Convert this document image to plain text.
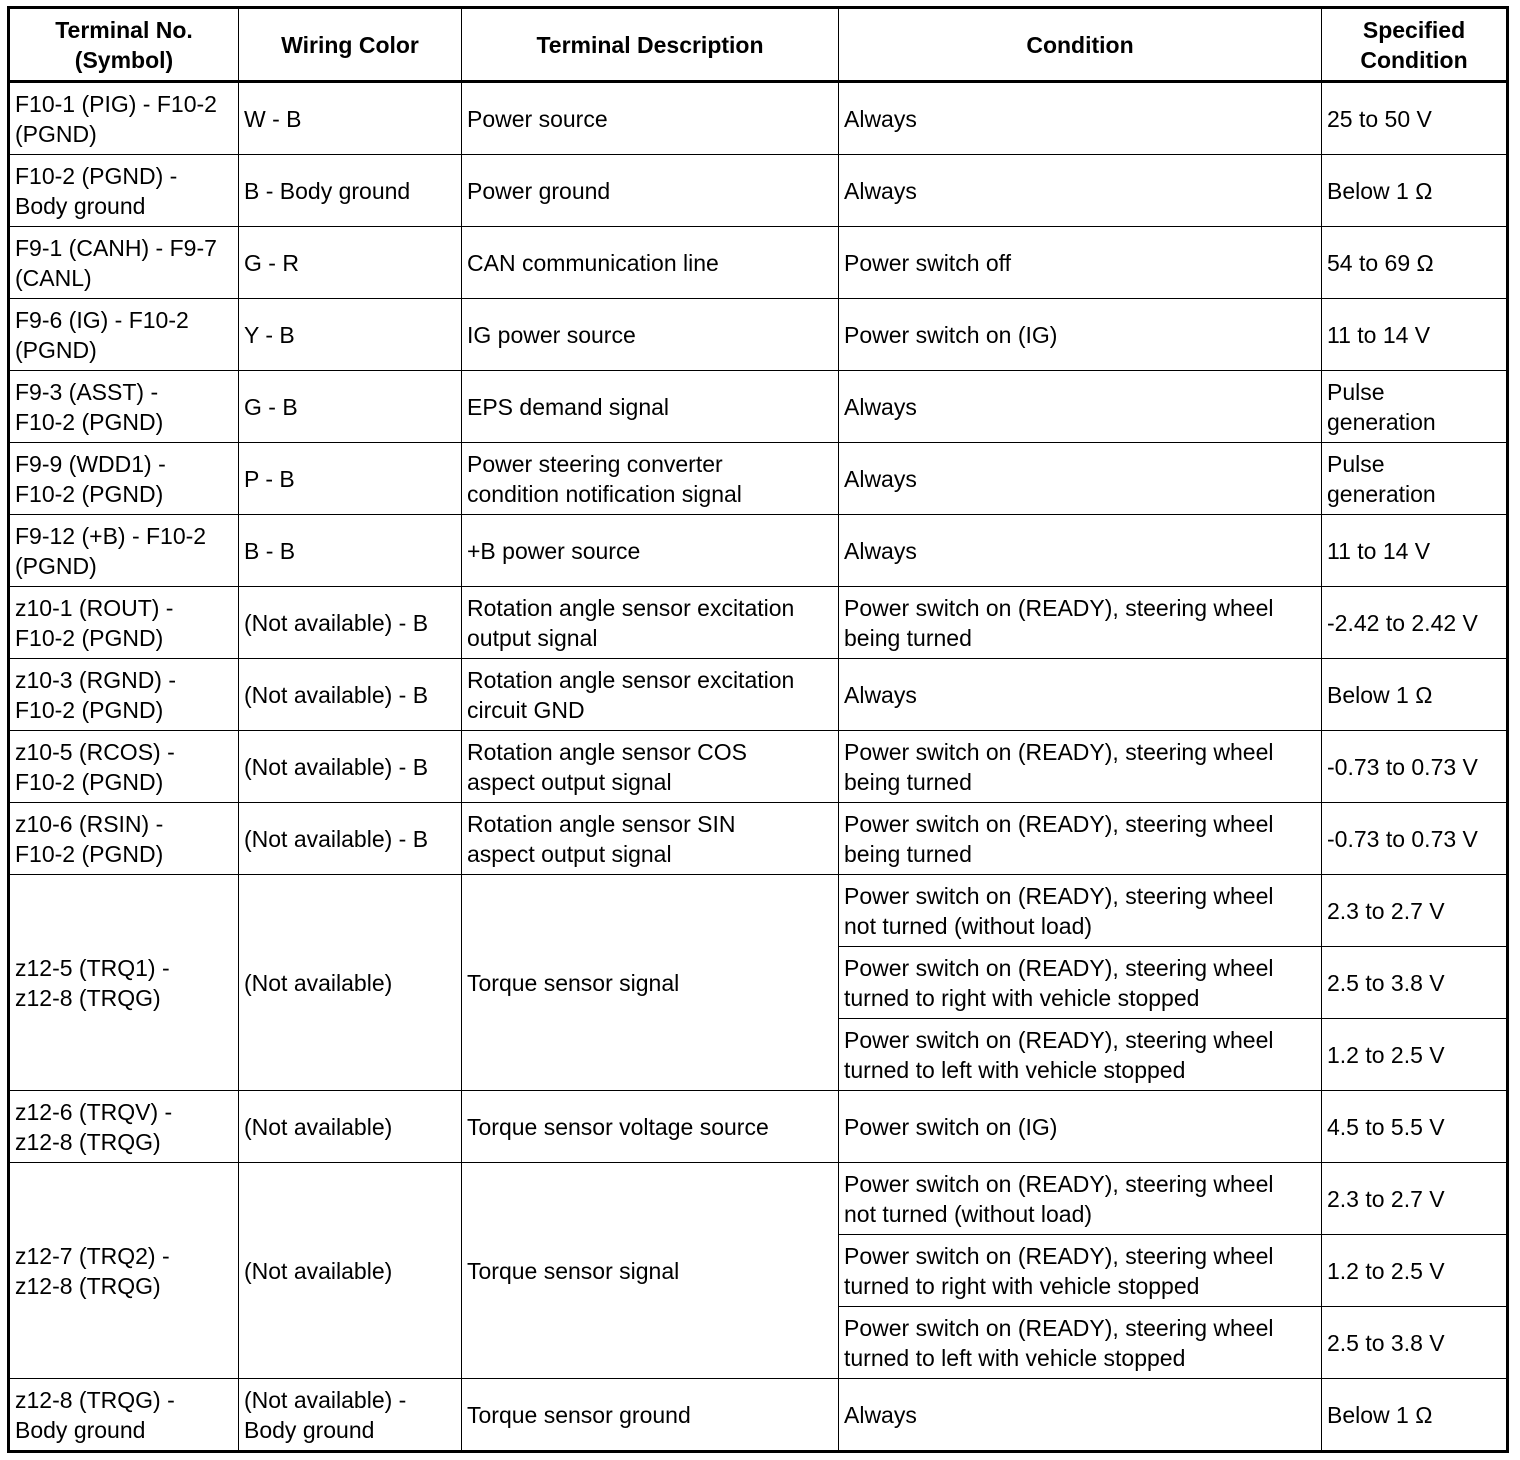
Terminal No.
(Symbol)	Wiring Color	Terminal Description	Condition	Specified
Condition

F10-1 (PIG) - F10-2
(PGND)	W - B	Power source	Always	25 to 50 V
F10-2 (PGND) -
Body ground	B - Body ground	Power ground	Always	Below 1 Ω
F9-1 (CANH) - F9-7
(CANL)	G - R	CAN communication line	Power switch off	54 to 69 Ω
F9-6 (IG) - F10-2
(PGND)	Y - B	IG power source	Power switch on (IG)	11 to 14 V
F9-3 (ASST) -
F10-2 (PGND)	G - B	EPS demand signal	Always	Pulse
generation
F9-9 (WDD1) -
F10-2 (PGND)	P - B	Power steering converter
condition notification signal	Always	Pulse
generation
F9-12 (+B) - F10-2
(PGND)	B - B	+B power source	Always	11 to 14 V
z10-1 (ROUT) -
F10-2 (PGND)	(Not available) - B	Rotation angle sensor excitation
output signal	Power switch on (READY), steering wheel
being turned	-2.42 to 2.42 V
z10-3 (RGND) -
F10-2 (PGND)	(Not available) - B	Rotation angle sensor excitation
circuit GND	Always	Below 1 Ω
z10-5 (RCOS) -
F10-2 (PGND)	(Not available) - B	Rotation angle sensor COS
aspect output signal	Power switch on (READY), steering wheel
being turned	-0.73 to 0.73 V
z10-6 (RSIN) -
F10-2 (PGND)	(Not available) - B	Rotation angle sensor SIN
aspect output signal	Power switch on (READY), steering wheel
being turned	-0.73 to 0.73 V
z12-5 (TRQ1) -
z12-8 (TRQG)	(Not available)	Torque sensor signal	Power switch on (READY), steering wheel
not turned (without load)	2.3 to 2.7 V
			Power switch on (READY), steering wheel
turned to right with vehicle stopped	2.5 to 3.8 V
			Power switch on (READY), steering wheel
turned to left with vehicle stopped	1.2 to 2.5 V
z12-6 (TRQV) -
z12-8 (TRQG)	(Not available)	Torque sensor voltage source	Power switch on (IG)	4.5 to 5.5 V
z12-7 (TRQ2) -
z12-8 (TRQG)	(Not available)	Torque sensor signal	Power switch on (READY), steering wheel
not turned (without load)	2.3 to 2.7 V
			Power switch on (READY), steering wheel
turned to right with vehicle stopped	1.2 to 2.5 V
			Power switch on (READY), steering wheel
turned to left with vehicle stopped	2.5 to 3.8 V
z12-8 (TRQG) -
Body ground	(Not available) -
Body ground	Torque sensor ground	Always	Below 1 Ω
